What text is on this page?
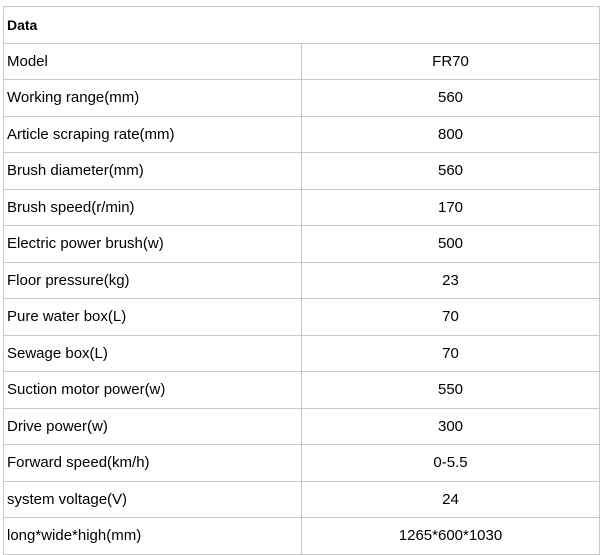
Data	
Model	FR70
Working range(mm)	560
Article scraping rate(mm)	800
Brush diameter(mm)	560
Brush speed(r/min)	170
Electric power brush(w)	500
Floor pressure(kg)	23
Pure water box(L)	70
Sewage box(L)	70
Suction motor power(w)	550
Drive power(w)	300
Forward speed(km/h)	0-5.5
system voltage(V)	24
long*wide*high(mm)	1265*600*1030
